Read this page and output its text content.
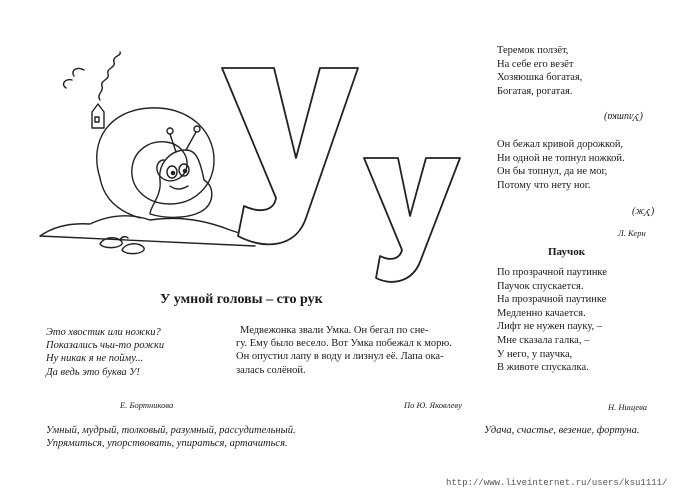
Теремок ползёт,
На себе его везёт
Хозяюшка богатая,
Богатая, рогатая.
(Улитка)
Он бежал кривой дорожкой,
Ни одной не топнул ножкой.
Он бы топнул, да не мог,
Потому что нету ног.
(Уж)
Л. Керн
Паучок
По прозрачной паутинке
Паучок спускается.
На прозрачной паутинке
Медленно качается.
Лифт не нужен пауку, –
Мне сказала галка, –
У него, у паучка,
В животе спускалка.
Н. Нищева
У умной головы – сто рук
Это хвостик или ножки?
Показались чьи-то рожки
Ну никак я не пойму...
Да ведь это буква У!
Е. Бортникова
Медвежонка звали Умка. Он бегал по сне-
гу. Ему было весело. Вот Умка побежал к морю.
Он опустил лапу в воду и лизнул её. Лапа ока-
залась солёной.
По Ю. Яковлеву
Умный, мудрый, толковый, разумный, рассудительный.
Упрямиться, упорствовать, упираться, артачиться.
Удача, счастье, везение, фортуна.
http://www.liveinternet.ru/users/ksu1111/
